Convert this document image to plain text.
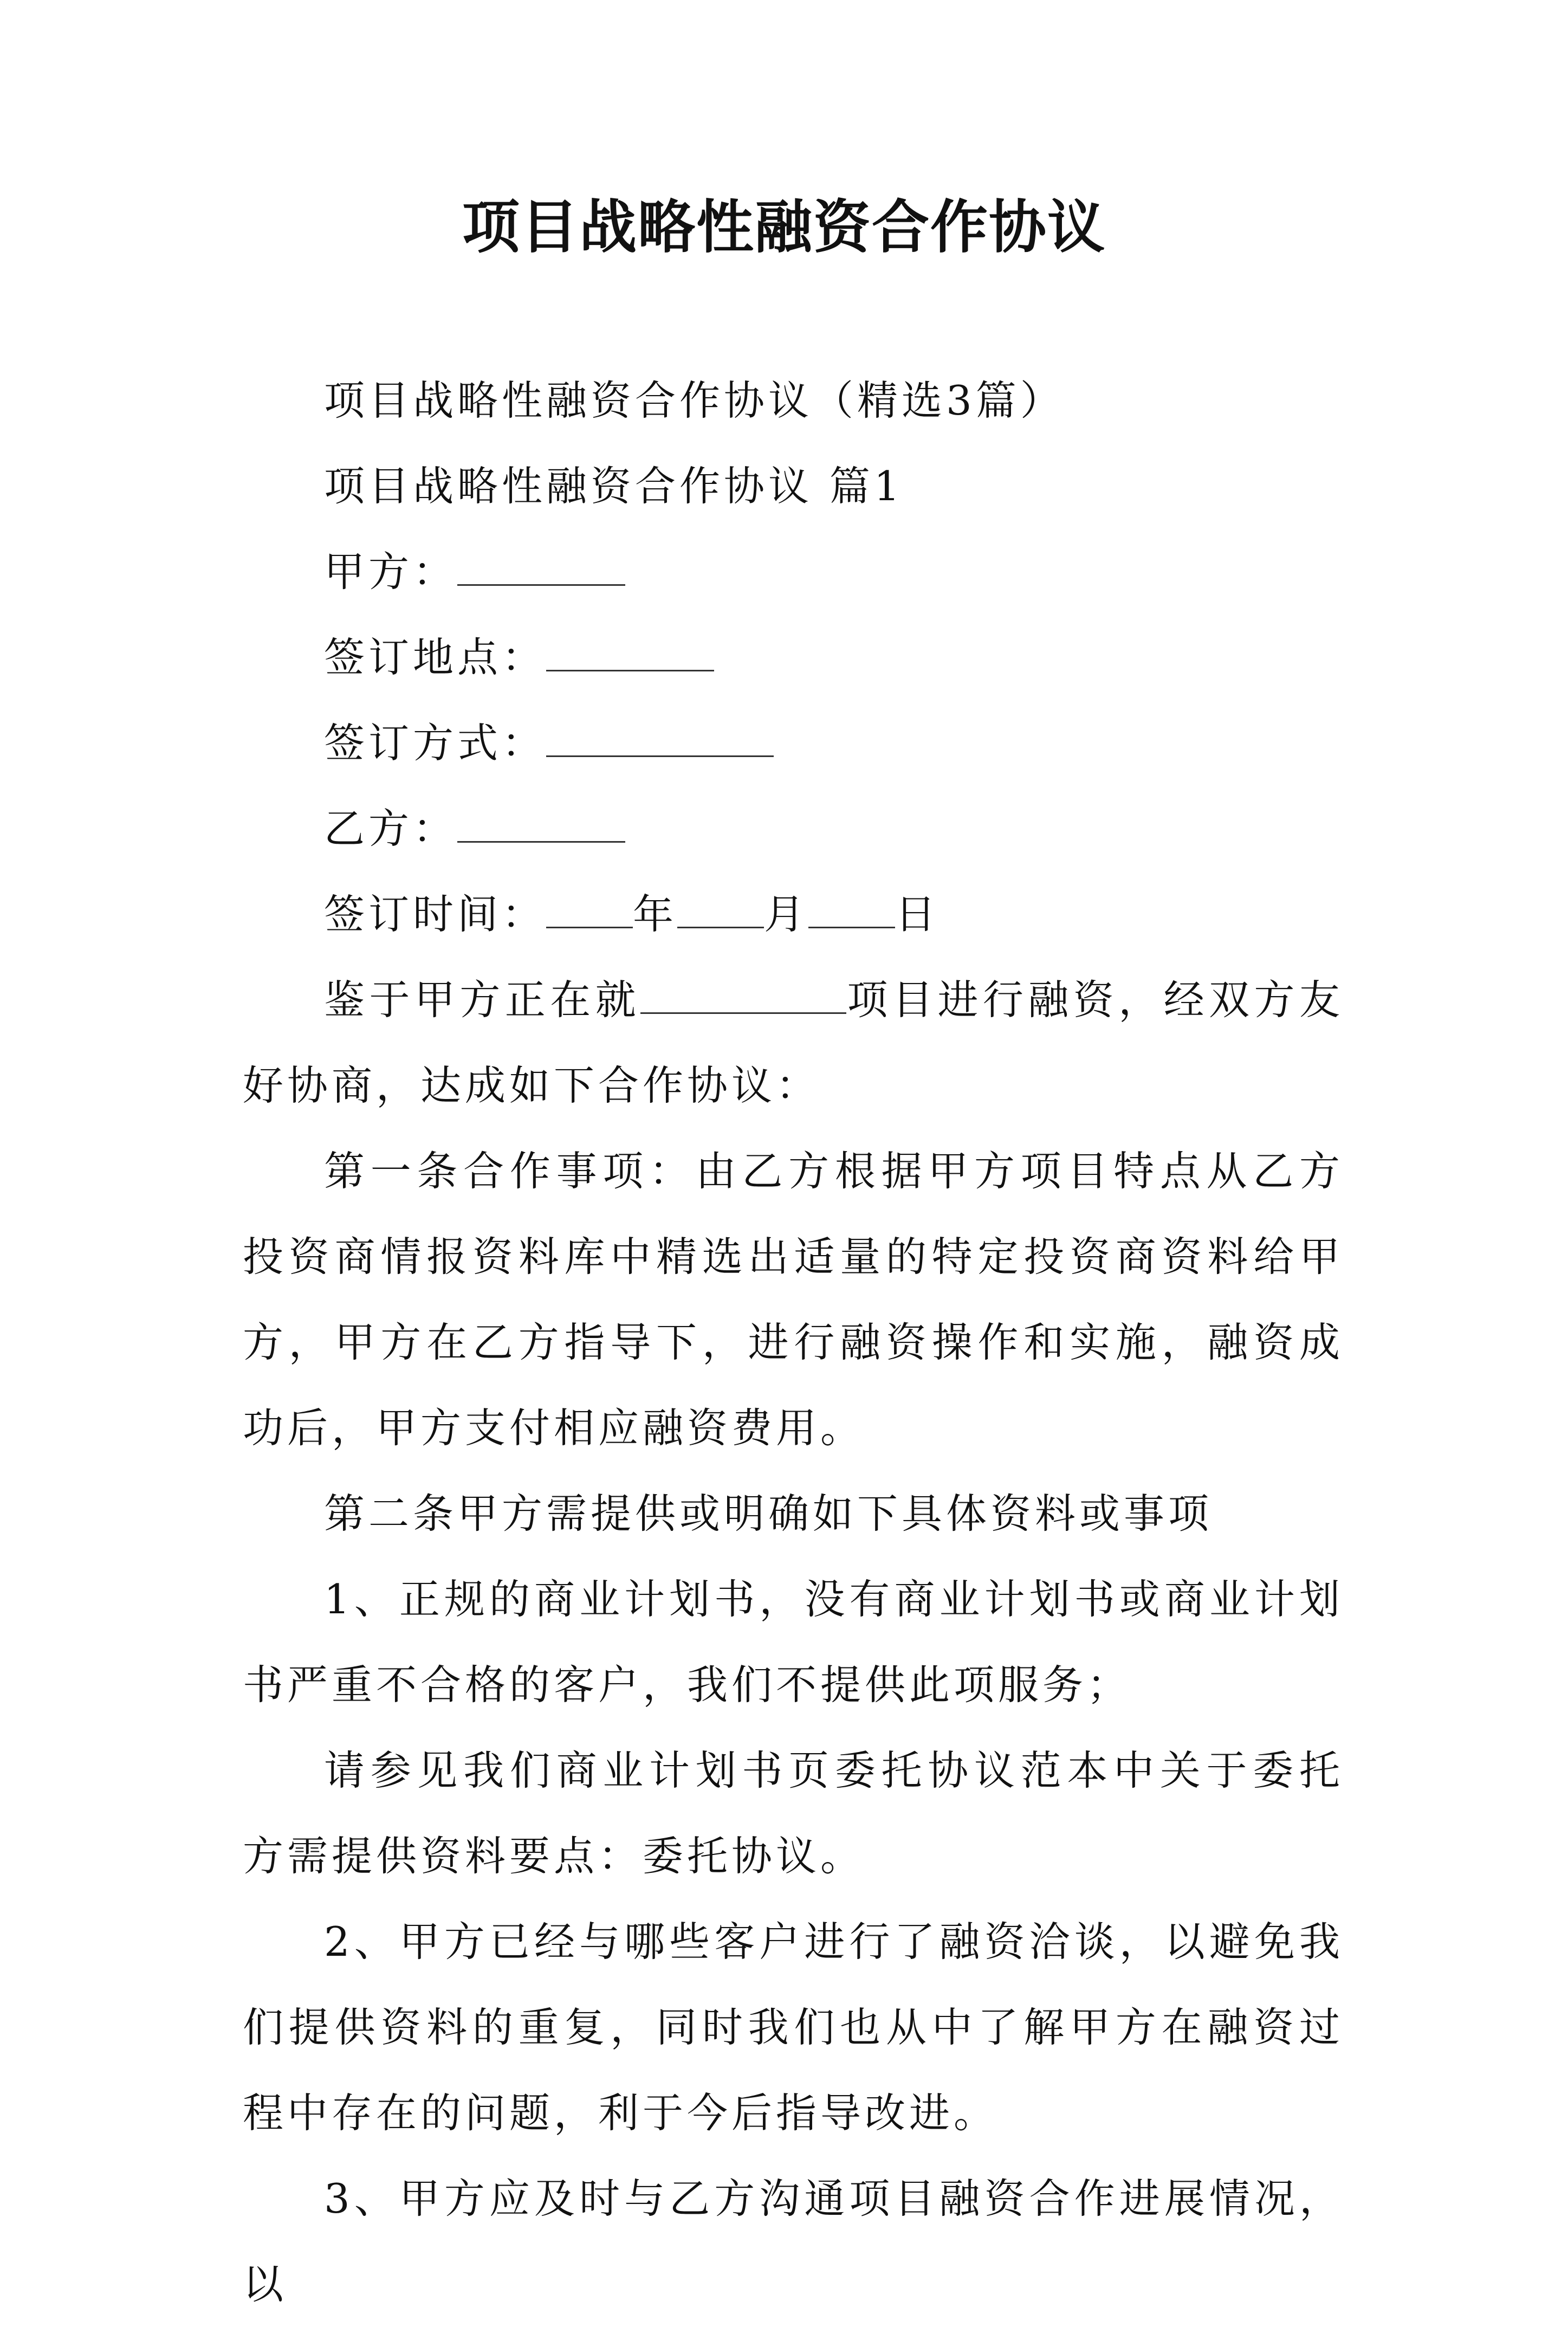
项目战略性融资合作协议

项目战略性融资合作协议（精选3篇）

项目战略性融资合作协议 篇1

甲方：

签订地点：

签订方式：

乙方：

签订时间： 年 月 日

鉴于甲方正在就	项目进行融资，经双方友好协商，达成如下合作协议：

第一条合作事项：由乙方根据甲方项目特点从乙方投资商情报资料库中精选出适量的特定投资商资料给甲方，甲方在乙方指导下，进行融资操作和实施，融资成功后，甲方支付相应融资费用。

第二条甲方需提供或明确如下具体资料或事项

1、正规的商业计划书，没有商业计划书或商业计划书严重不合格的客户，我们不提供此项服务；

请参见我们商业计划书页委托协议范本中关于委托方需提供资料要点：委托协议。

2、甲方已经与哪些客户进行了融资洽谈，以避免我们提供资料的重复，同时我们也从中了解甲方在融资过程中存在的问题，利于今后指导改进。

3、甲方应及时与乙方沟通项目融资合作进展情况，以
